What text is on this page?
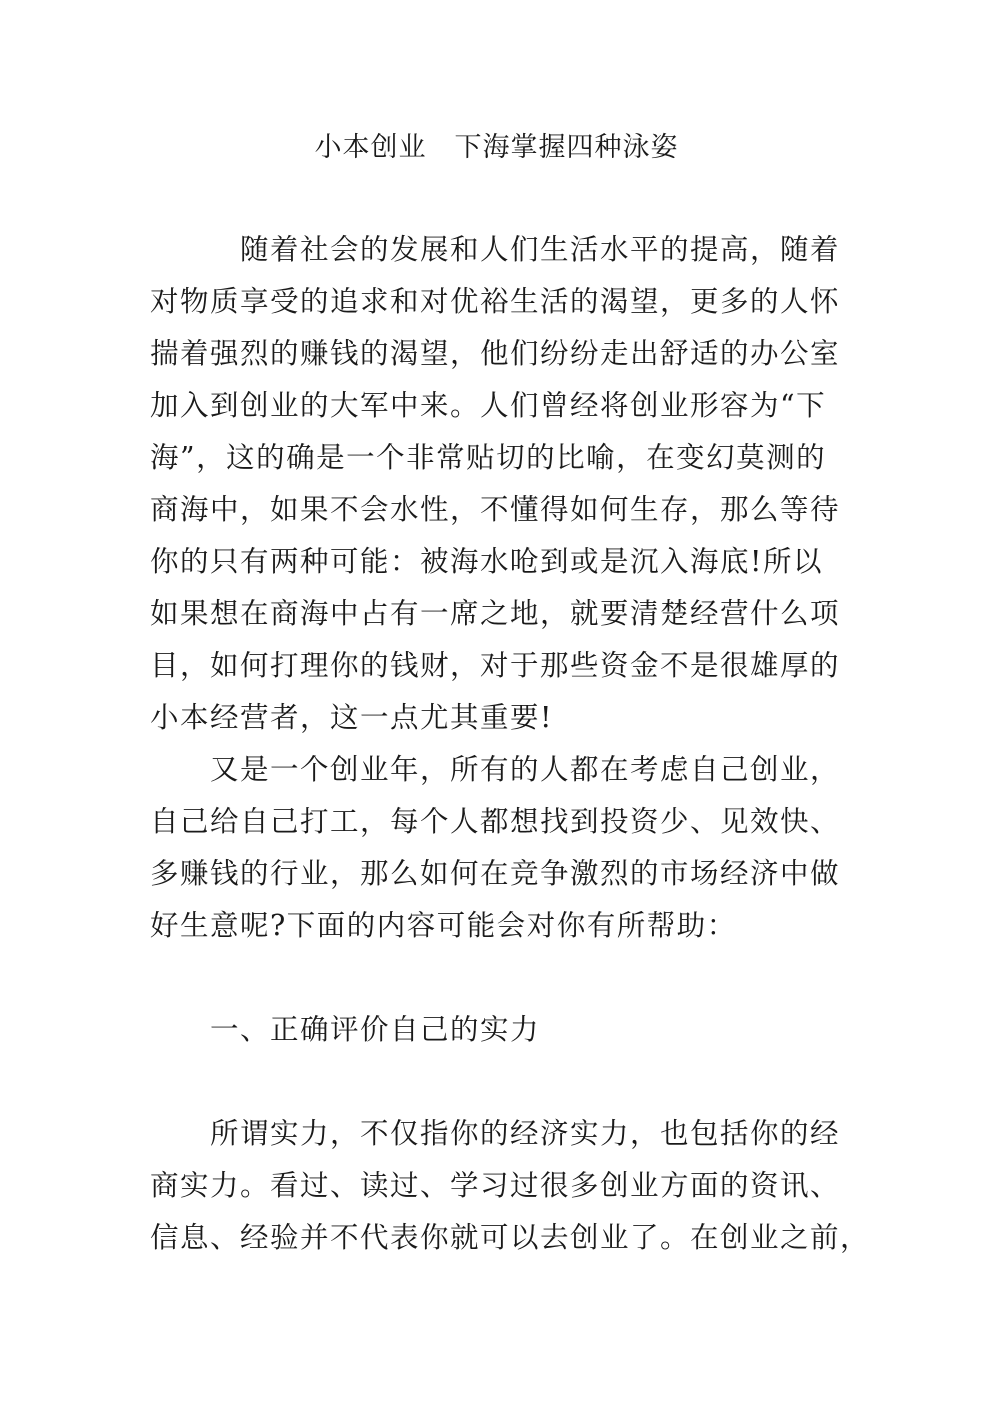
小本创业　下海掌握四种泳姿
随着社会的发展和人们生活水平的提高，随着
对物质享受的追求和对优裕生活的渴望，更多的人怀
揣着强烈的赚钱的渴望，他们纷纷走出舒适的办公室
加入到创业的大军中来。人们曾经将创业形容为“下
海”，这的确是一个非常贴切的比喻，在变幻莫测的
商海中，如果不会水性，不懂得如何生存，那么等待
你的只有两种可能：被海水呛到或是沉入海底!所以
如果想在商海中占有一席之地，就要清楚经营什么项
目，如何打理你的钱财，对于那些资金不是很雄厚的
小本经营者，这一点尤其重要!
又是一个创业年，所有的人都在考虑自己创业，
自己给自己打工，每个人都想找到投资少、见效快、
多赚钱的行业，那么如何在竞争激烈的市场经济中做
好生意呢?下面的内容可能会对你有所帮助：
一、正确评价自己的实力
所谓实力，不仅指你的经济实力，也包括你的经
商实力。看过、读过、学习过很多创业方面的资讯、
信息、经验并不代表你就可以去创业了。在创业之前，
